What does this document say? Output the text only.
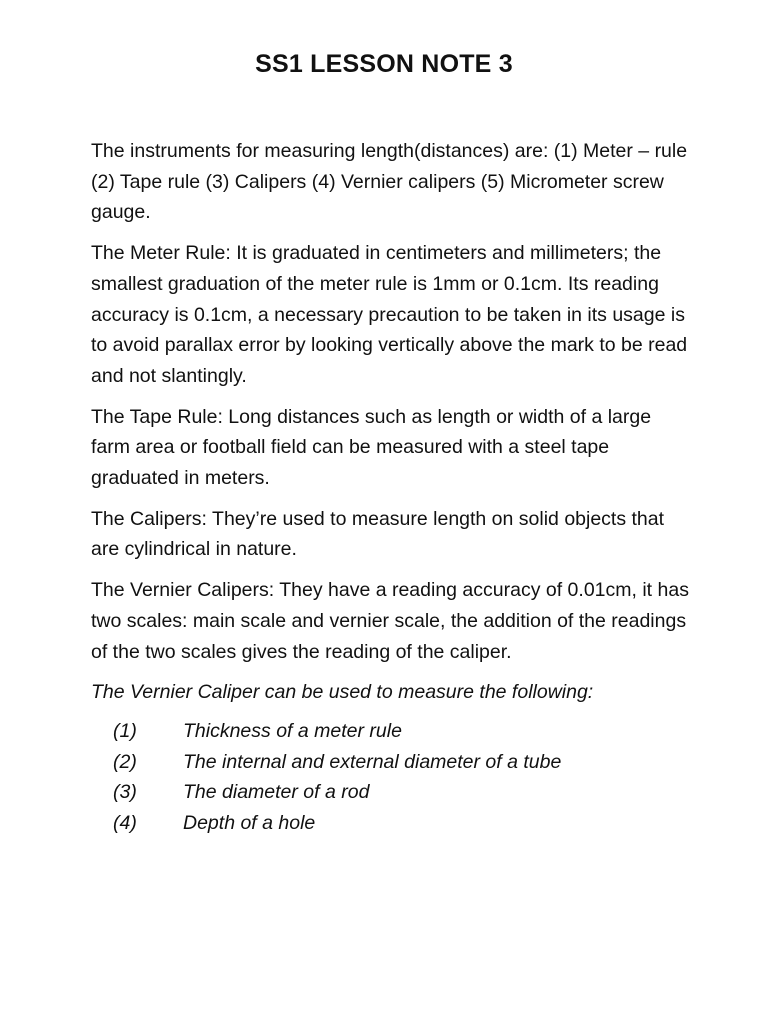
SS1 LESSON NOTE 3

The instruments for measuring length(distances) are: (1) Meter – rule (2) Tape rule (3) Calipers (4) Vernier calipers (5) Micrometer screw gauge.

The Meter Rule: It is graduated in centimeters and millimeters; the smallest graduation of the meter rule is 1mm or 0.1cm. Its reading accuracy is 0.1cm, a necessary precaution to be taken in its usage is to avoid parallax error by looking vertically above the mark to be read and not slantingly.

The Tape Rule: Long distances such as length or width of a large farm area or football field can be measured with a steel tape graduated in meters.

The Calipers: They’re used to measure length on solid objects that are cylindrical in nature.

The Vernier Calipers: They have a reading accuracy of 0.01cm, it has two scales: main scale and vernier scale, the addition of the readings of the two scales gives the reading of the caliper.

The Vernier Caliper can be used to measure the following:

(1)	Thickness of a meter rule
(2)	The internal and external diameter of a tube
(3)	The diameter of a rod
(4)	Depth of a hole
